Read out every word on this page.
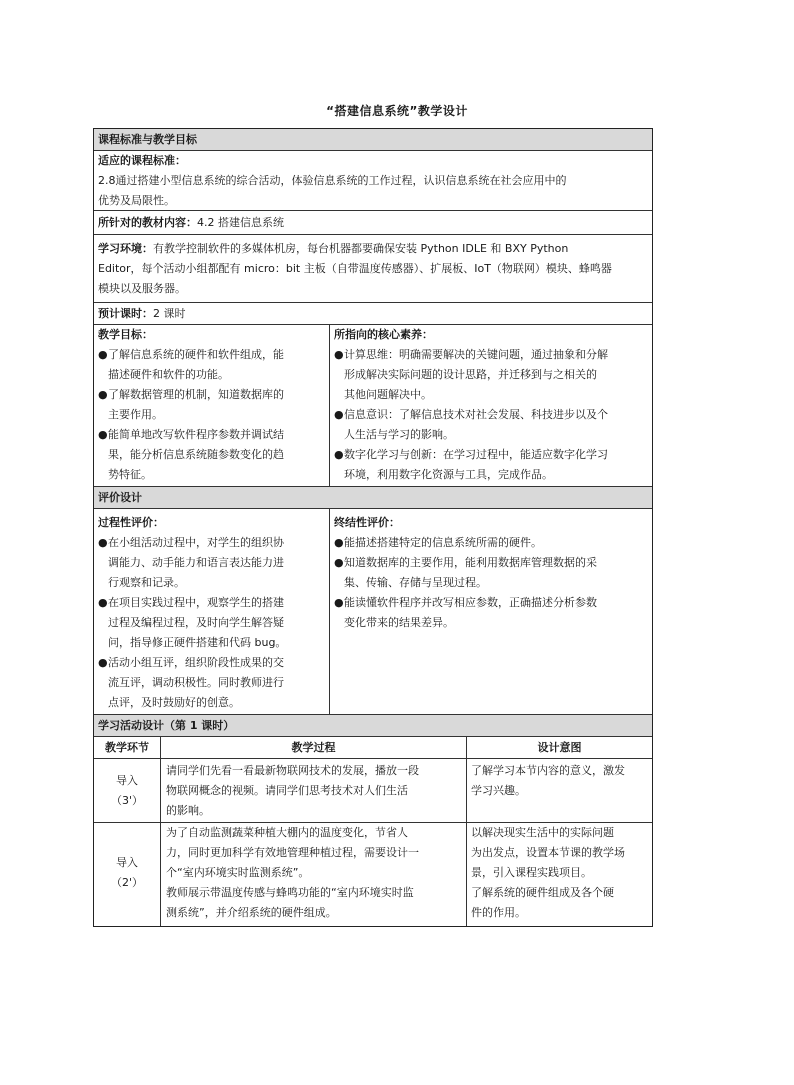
“搭建信息系统”教学设计
课程标准与教学目标
适应的课程标准：
2.8通过搭建小型信息系统的综合活动，体验信息系统的工作过程，认识信息系统在社会应用中的
优势及局限性。
所针对的教材内容：4.2 搭建信息系统
学习环境：有教学控制软件的多媒体机房，每台机器都要确保安装 Python IDLE 和 BXY Python
Editor，每个活动小组都配有 micro：bit 主板（自带温度传感器）、扩展板、IoT（物联网）模块、蜂鸣器
模块以及服务器。
预计课时：2 课时
教学目标：
● 了解信息系统的硬件和软件组成，能
描述硬件和软件的功能。
● 了解数据管理的机制，知道数据库的
主要作用。
● 能简单地改写软件程序参数并调试结
果，能分析信息系统随参数变化的趋
势特征。
所指向的核心素养：
● 计算思维：明确需要解决的关键问题，通过抽象和分解
形成解决实际问题的设计思路，并迁移到与之相关的
其他问题解决中。
● 信息意识：了解信息技术对社会发展、科技进步以及个
人生活与学习的影响。
● 数字化学习与创新：在学习过程中，能适应数字化学习
环境，利用数字化资源与工具，完成作品。
评价设计
过程性评价：
● 在小组活动过程中，对学生的组织协
调能力、动手能力和语言表达能力进
行观察和记录。
● 在项目实践过程中，观察学生的搭建
过程及编程过程，及时向学生解答疑
问，指导修正硬件搭建和代码 bug。
● 活动小组互评，组织阶段性成果的交
流互评，调动积极性。同时教师进行
点评，及时鼓励好的创意。
终结性评价：
● 能描述搭建特定的信息系统所需的硬件。
● 知道数据库的主要作用，能利用数据库管理数据的采
集、传输、存储与呈现过程。
● 能读懂软件程序并改写相应参数，正确描述分析参数
变化带来的结果差异。
学习活动设计（第 1 课时）
教学环节	教学过程	设计意图
导入
（3'）
请同学们先看一看最新物联网技术的发展，播放一段
物联网概念的视频。请同学们思考技术对人们生活
的影响。
了解学习本节内容的意义，激发
学习兴趣。
导入
（2'）
为了自动监测蔬菜种植大棚内的温度变化，节省人
力，同时更加科学有效地管理种植过程，需要设计一
个“室内环境实时监测系统”。
教师展示带温度传感与蜂鸣功能的“室内环境实时监
测系统”，并介绍系统的硬件组成。
以解决现实生活中的实际问题
为出发点，设置本节课的教学场
景，引入课程实践项目。
了解系统的硬件组成及各个硬
件的作用。
